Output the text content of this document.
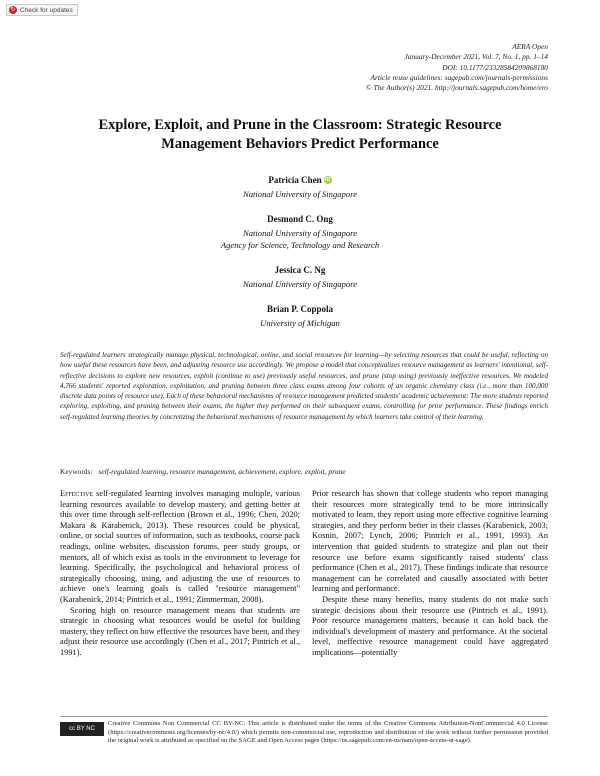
↻ Check for updates
AERA Open
January-December 2021, Vol. 7, No. 1, pp. 1–14
DOI: 10.1177/23328584209868180
Article reuse guidelines: sagepub.com/journals-permissions
© The Author(s) 2021. http://journals.sagepub.com/home/ero
Explore, Exploit, and Prune in the Classroom: Strategic Resource
Management Behaviors Predict Performance
Patricia Chen iD
National University of Singapore
Desmond C. Ong
National University of Singapore
Agency for Science, Technology and Research
Jessica C. Ng
National University of Singapore
Brian P. Coppola
University of Michigan
Self-regulated learners strategically manage physical, technological, online, and social resources for learning—by selecting resources that could be useful, reflecting on how useful these resources have been, and adjusting resource use accordingly. We propose a model that conceptualizes resource management as learners' intentional, self-reflective decisions to explore new resources, exploit (continue to use) previously useful resources, and prune (stop using) previously ineffective resources. We modeled 4,766 students' reported exploration, exploitation, and pruning between three class exams among four cohorts of an organic chemistry class (i.e., more than 100,000 discrete data points of resource use). Each of these behavioral mechanisms of resource management predicted students' academic achievement: The more students reported exploring, exploiting, and pruning between their exams, the higher they performed on their subsequent exams, controlling for prior performance. These findings enrich self-regulated learning theories by concretizing the behavioral mechanisms of resource management by which learners take control of their learning.
Keywords: self-regulated learning, resource management, achievement, explore, exploit, prune

Effective self-regulated learning involves managing multiple, various learning resources available to develop mastery, and getting better at this over time through self-reflection (Brown et al., 1996; Chen, 2020; Makara & Karabenick, 2013). These resources could be physical, online, or social sources of information, such as textbooks, course pack readings, online websites, discussion forums, peer study groups, or mentors, all of which exist as tools in the environment to leverage for learning. Specifically, the psychological and behavioral process of strategically choosing, using, and adjusting the use of resources to achieve one's learning goals is called "resource management" (Karabenick, 2014; Pintrich et al., 1991; Zimmerman, 2008).

Scoring high on resource management means that students are strategic in choosing what resources would be useful for building mastery, they reflect on how effective the resources have been, and they adjust their resource use accordingly (Chen et al., 2017; Pintrich et al., 1991).

Prior research has shown that college students who report managing their resources more strategically tend to be more intrinsically motivated to learn, they report using more effective cognitive learning strategies, and they perform better in their classes (Karabenick, 2003; Kosnin, 2007; Lynch, 2006; Pintrich et al., 1991, 1993). An intervention that guided students to strategize and plan out their resource use before exams significantly raised students' class performance (Chen et al., 2017). These findings indicate that resource management can be correlated and causally associated with better learning and performance.

Despite these many benefits, many students do not make such strategic decisions about their resource use (Pintrich et al., 1991). Poor resource management matters, because it can hold back the individual's development of mastery and performance. At the societal level, ineffective resource management could have aggregated implications—potentially

cc BY NC
Creative Commons Non Commercial CC BY-NC: This article is distributed under the terms of the Creative Commons Attribution-NonCommercial 4.0 License (https://creativecommons.org/licenses/by-nc/4.0/) which permits non-commercial use, reproduction and distribution of the work without further permission provided the original work is attributed as specified on the SAGE and Open Access pages (https://us.sagepub.com/en-us/nam/open-access-at-sage).
